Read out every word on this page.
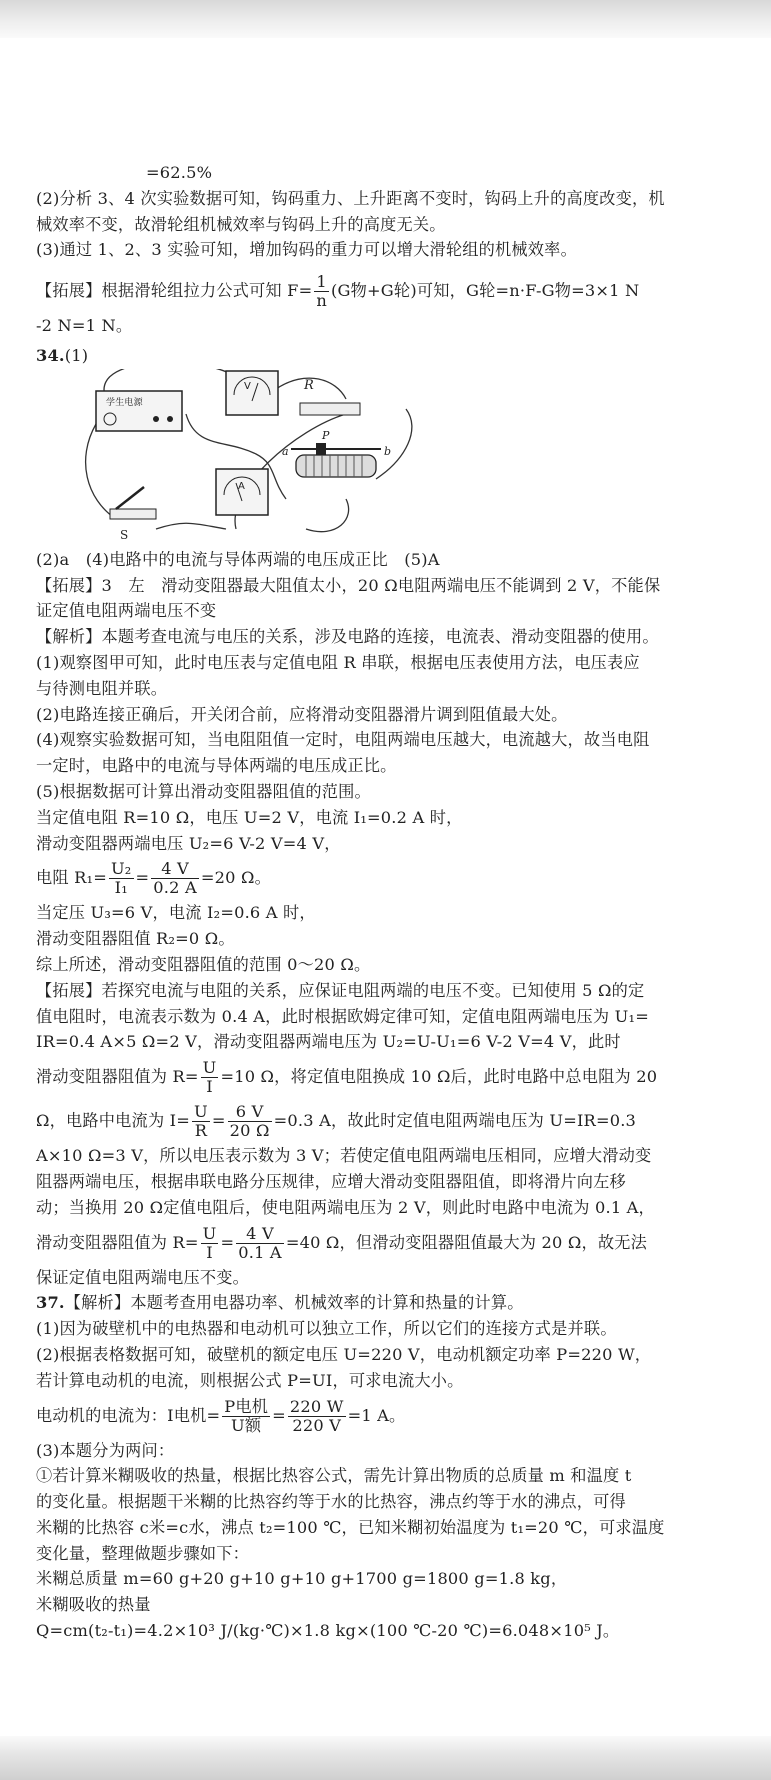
=62.5%
(2)分析 3、4 次实验数据可知，钩码重力、上升距离不变时，钩码上升的高度改变，机
械效率不变，故滑轮组机械效率与钩码上升的高度无关。
(3)通过 1、2、3 实验可知，增加钩码的重力可以增大滑轮组的机械效率。
【拓展】根据滑轮组拉力公式可知 $F= \frac{1}{n} (G$物+G轮)可知，G轮=n·F-G物=3×1 N
-2 N=1 N。
34.(1)
学生电源
V	R
A
P
a	b
S
(2)a　(4)电路中的电流与导体两端的电压成正比　(5)A
【拓展】3　左　滑动变阻器最大阻值太小，20 Ω电阻两端电压不能调到 2 V，不能保
证定值电阻两端电压不变
【解析】本题考查电流与电压的关系，涉及电路的连接，电流表、滑动变阻器的使用。
(1)观察图甲可知，此时电压表与定值电阻 R 串联，根据电压表使用方法，电压表应
与待测电阻并联。
(2)电路连接正确后，开关闭合前，应将滑动变阻器滑片调到阻值最大处。
(4)观察实验数据可知，当电阻阻值一定时，电阻两端电压越大，电流越大，故当电阻
一定时，电路中的电流与导体两端的电压成正比。
(5)根据数据可计算出滑动变阻器阻值的范围。
当定值电阻 R=10 Ω，电压 U=2 V，电流 I₁=0.2 A 时，
滑动变阻器两端电压 U₂=6 V-2 V=4 V，
电阻 $R_1= \frac{\text{U₂}}{\text{I₁}} = \frac{4 V}{0.2 A} =20$ Ω。
当定压 U₃=6 V，电流 I₂=0.6 A 时，
滑动变阻器阻值 R₂=0 Ω。
综上所述，滑动变阻器阻值的范围 0～20 Ω。
【拓展】若探究电流与电阻的关系，应保证电阻两端的电压不变。已知使用 5 Ω的定
值电阻时，电流表示数为 0.4 A，此时根据欧姆定律可知，定值电阻两端电压为 U₁=
IR=0.4 A×5 Ω=2 V，滑动变阻器两端电压为 U₂=U-U₁=6 V-2 V=4 V，此时
滑动变阻器阻值为 $R= \frac{U}{I} =10$ Ω，将定值电阻换成 10 Ω后，此时电路中总电阻为 20
Ω，电路中电流为 $I= \frac{U}{R} = \frac{6 V}{20 \Omega} =0.3$ A，故此时定值电阻两端电压为 U=IR=0.3
A×10 Ω=3 V，所以电压表示数为 3 V；若使定值电阻两端电压相同，应增大滑动变
阻器两端电压，根据串联电路分压规律，应增大滑动变阻器阻值，即将滑片向左移
动；当换用 20 Ω定值电阻后，使电阻两端电压为 2 V，则此时电路中电流为 0.1 A，
滑动变阻器阻值为 $R= \frac{U}{I} = \frac{4 V}{0.1 A} =40$ Ω，但滑动变阻器阻值最大为 20 Ω，故无法
保证定值电阻两端电压不变。
37.【解析】本题考查用电器功率、机械效率的计算和热量的计算。
(1)因为破壁机中的电热器和电动机可以独立工作，所以它们的连接方式是并联。
(2)根据表格数据可知，破壁机的额定电压 U=220 V，电动机额定功率 P=220 W，
若计算电动机的电流，则根据公式 P=UI，可求电流大小。
电动机的电流为：I电机= $\frac{\text{P电机}}{\text{U额}} = \frac{220 W}{220 V} =1$ A。
(3)本题分为两问：
①若计算米糊吸收的热量，根据比热容公式，需先计算出物质的总质量 m 和温度 t
的变化量。根据题干米糊的比热容约等于水的比热容，沸点约等于水的沸点，可得
米糊的比热容 c米=c水，沸点 t₂=100 ℃，已知米糊初始温度为 t₁=20 ℃，可求温度
变化量，整理做题步骤如下：
米糊总质量 m=60 g+20 g+10 g+10 g+1700 g=1800 g=1.8 kg，
米糊吸收的热量
Q=cm(t₂-t₁)=4.2×10³ J/(kg·℃)×1.8 kg×(100 ℃-20 ℃)=6.048×10⁵ J。
